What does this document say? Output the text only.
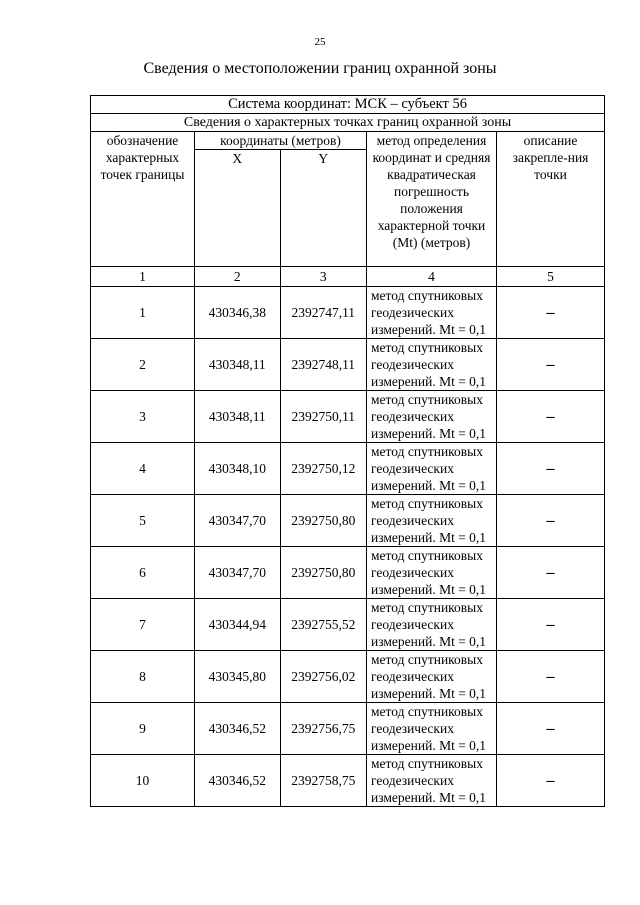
25
Сведения о местоположении границ охранной зоны
Система координат: МСК – субъект 56			
Сведения о характерных точках границ охранной зоны			
обозначение характерных точек границы	координаты (метров)
X Y	метод определения координат и средняя квадратическая погрешность положения характерной точки (Mt) (метров)	описание закрепле-ния точки
1	2 3	4	5
1	430346,38 2392747,11	метод спутниковых геодезических измерений. Mt = 0,1	–
2	430348,11 2392748,11	метод спутниковых геодезических измерений. Mt = 0,1	–
3	430348,11 2392750,11	метод спутниковых геодезических измерений. Mt = 0,1	–
4	430348,10 2392750,12	метод спутниковых геодезических измерений. Mt = 0,1	–
5	430347,70 2392750,80	метод спутниковых геодезических измерений. Mt = 0,1	–
6	430347,70 2392750,80	метод спутниковых геодезических измерений. Mt = 0,1	–
7	430344,94 2392755,52	метод спутниковых геодезических измерений. Mt = 0,1	–
8	430345,80 2392756,02	метод спутниковых геодезических измерений. Mt = 0,1	–
9	430346,52 2392756,75	метод спутниковых геодезических измерений. Mt = 0,1	–
10	430346,52 2392758,75	метод спутниковых геодезических измерений. Mt = 0,1	–
